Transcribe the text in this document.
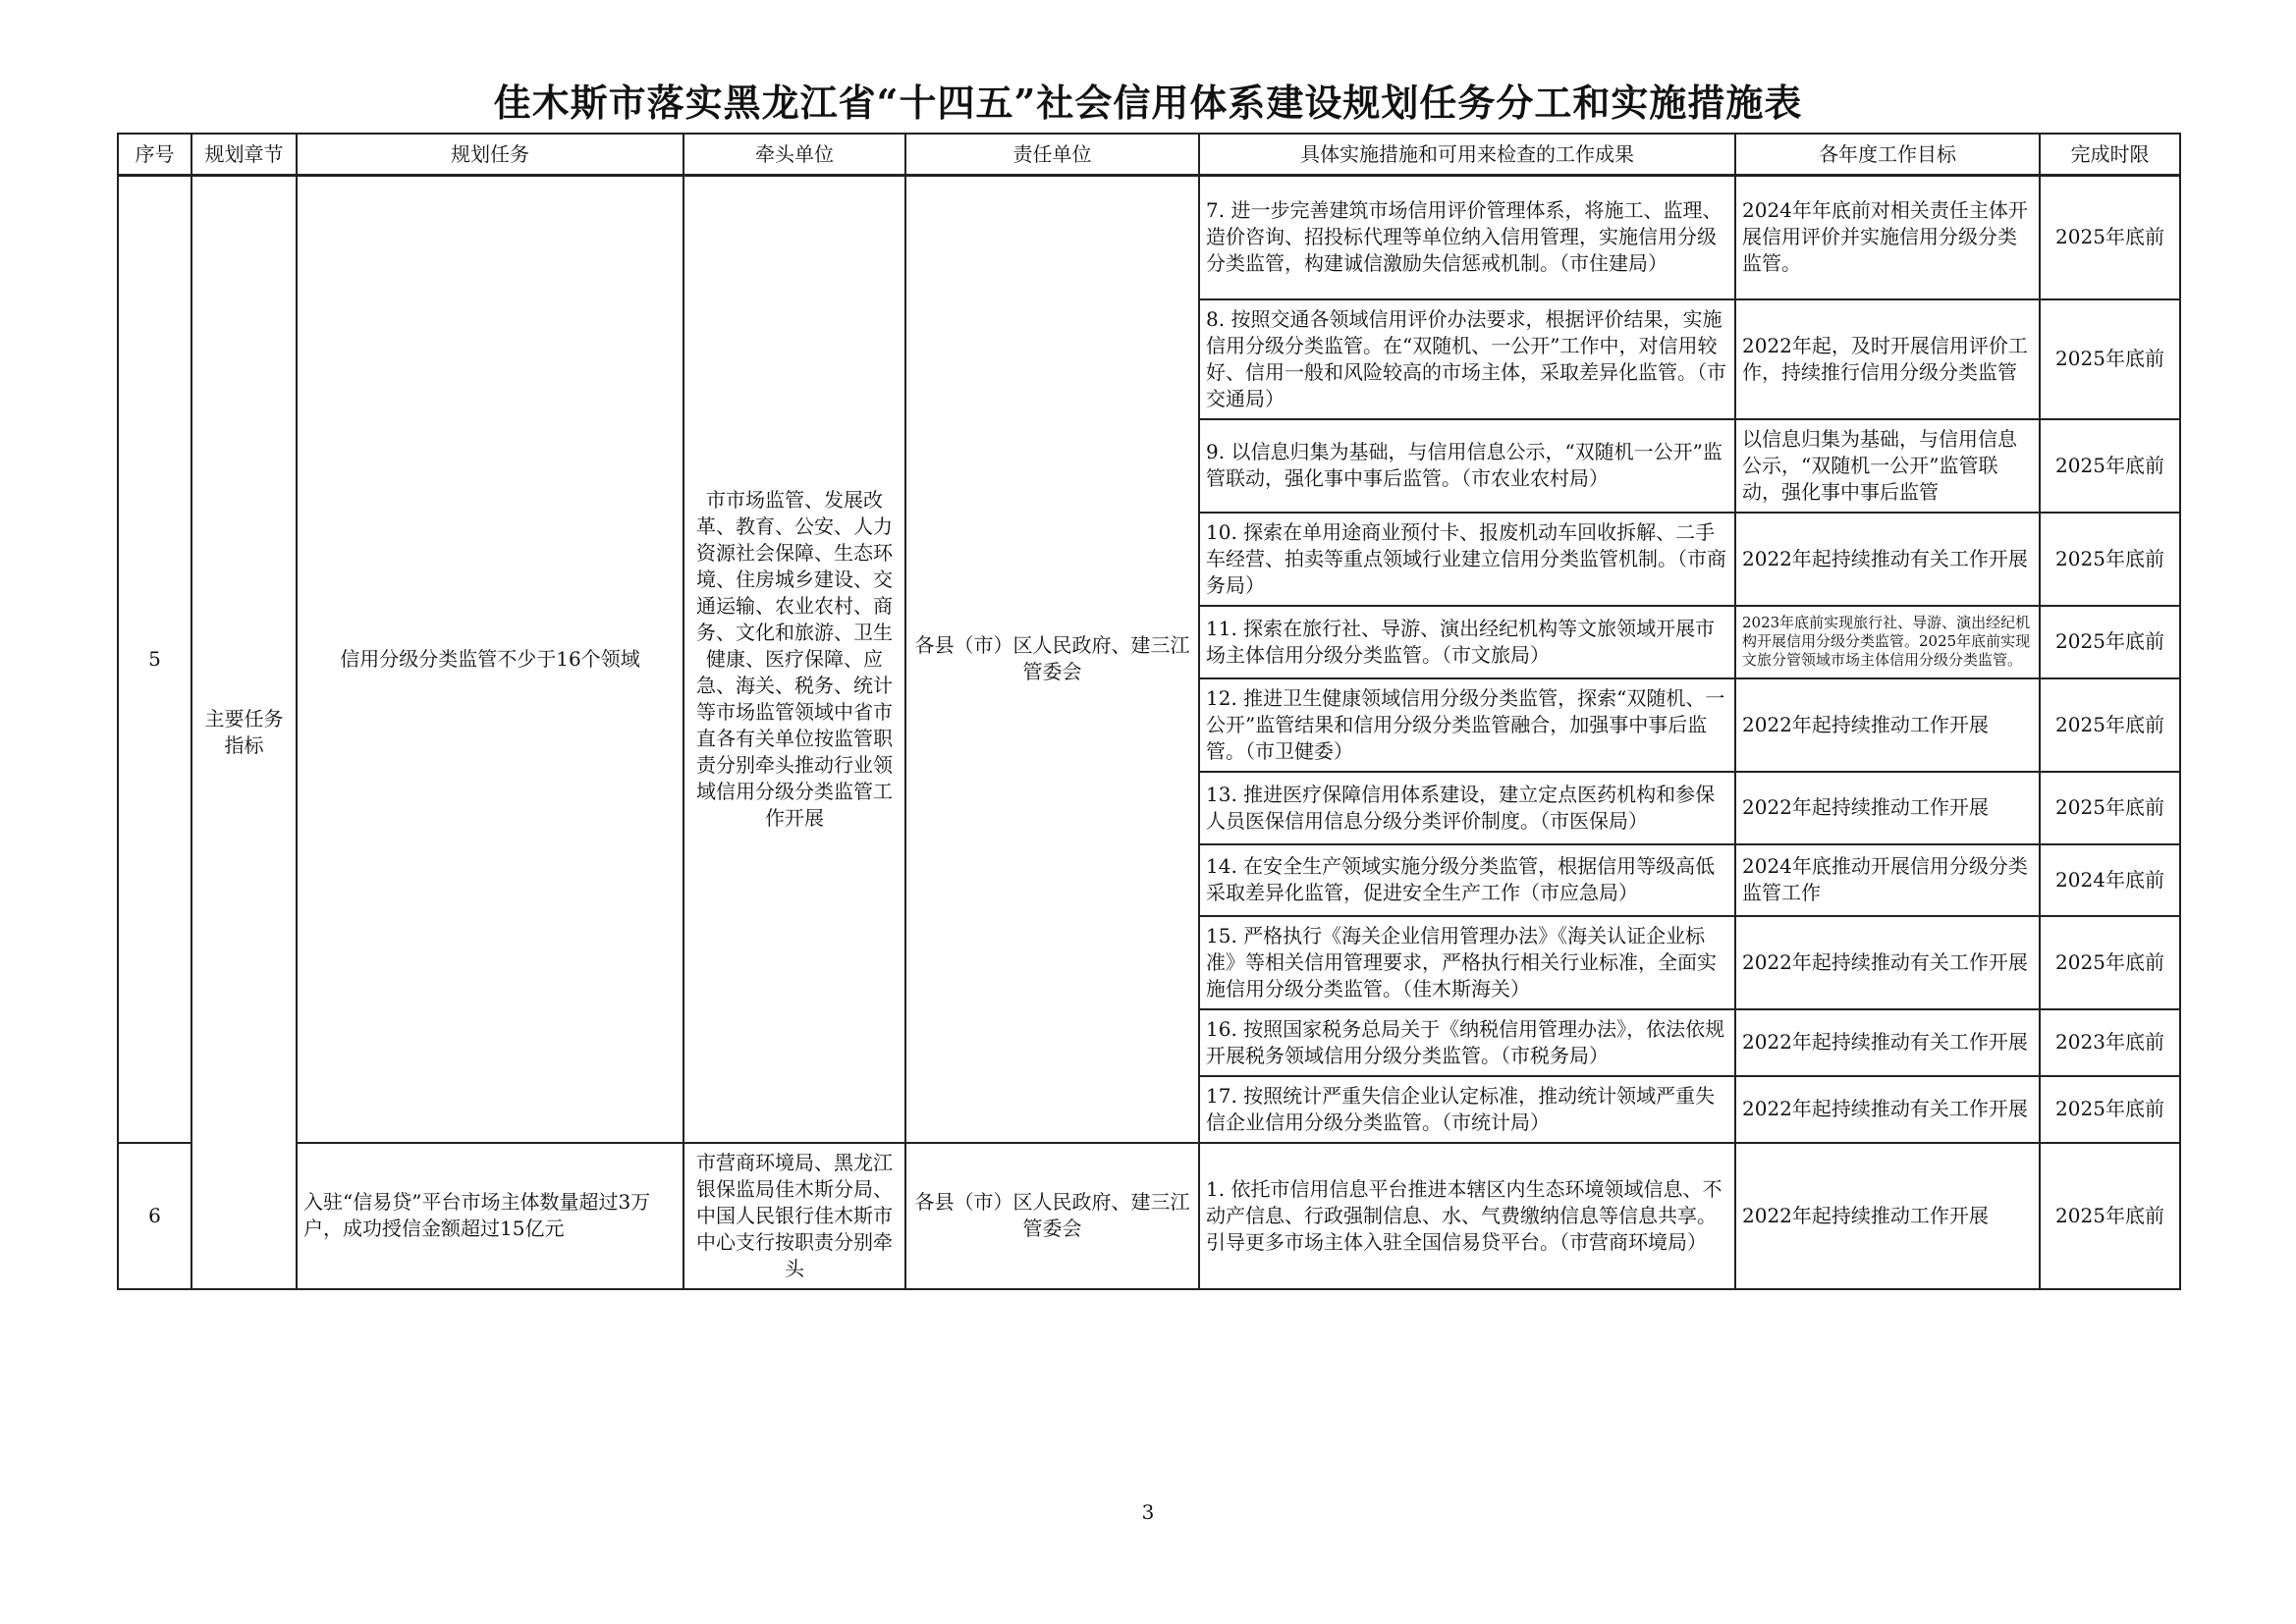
佳木斯市落实黑龙江省“十四五”社会信用体系建设规划任务分工和实施措施表
序号	规划章节	规划任务	牵头单位	责任单位	具体实施措施和可用来检查的工作成果	各年度工作目标	完成时限
5	主要任务指标	信用分级分类监管不少于16个领域	市市场监管、发展改革、教育、公安、人力资源社会保障、生态环境、住房城乡建设、交通运输、农业农村、商务、文化和旅游、卫生健康、医疗保障、应急、海关、税务、统计等市场监管领域中省市直各有关单位按监管职责分别牵头推动行业领域信用分级分类监管工作开展	各县（市）区人民政府、建三江管委会	7. 进一步完善建筑市场信用评价管理体系，将施工、监理、造价咨询、招投标代理等单位纳入信用管理，实施信用分级分类监管，构建诚信激励失信惩戒机制。（市住建局）	2024年年底前对相关责任主体开展信用评价并实施信用分级分类监管。	2025年底前
					8. 按照交通各领域信用评价办法要求，根据评价结果，实施信用分级分类监管。在“双随机、一公开”工作中，对信用较好、信用一般和风险较高的市场主体，采取差异化监管。（市交通局）	2022年起，及时开展信用评价工作，持续推行信用分级分类监管	2025年底前
					9. 以信息归集为基础，与信用信息公示，“双随机一公开”监管联动，强化事中事后监管。（市农业农村局）	以信息归集为基础，与信用信息公示，“双随机一公开”监管联动，强化事中事后监管	2025年底前
					10. 探索在单用途商业预付卡、报废机动车回收拆解、二手车经营、拍卖等重点领域行业建立信用分类监管机制。（市商务局）	2022年起持续推动有关工作开展	2025年底前
					11. 探索在旅行社、导游、演出经纪机构等文旅领域开展市场主体信用分级分类监管。（市文旅局）	2023年底前实现旅行社、导游、演出经纪机构开展信用分级分类监管。2025年底前实现文旅分管领域市场主体信用分级分类监管。	2025年底前
					12. 推进卫生健康领域信用分级分类监管，探索“双随机、一公开”监管结果和信用分级分类监管融合，加强事中事后监管。（市卫健委）	2022年起持续推动工作开展	2025年底前
					13. 推进医疗保障信用体系建设，建立定点医药机构和参保人员医保信用信息分级分类评价制度。（市医保局）	2022年起持续推动工作开展	2025年底前
					14. 在安全生产领域实施分级分类监管，根据信用等级高低采取差异化监管，促进安全生产工作（市应急局）	2024年底推动开展信用分级分类监管工作	2024年底前
					15. 严格执行《海关企业信用管理办法》《海关认证企业标准》等相关信用管理要求，严格执行相关行业标准，全面实施信用分级分类监管。（佳木斯海关）	2022年起持续推动有关工作开展	2025年底前
					16. 按照国家税务总局关于《纳税信用管理办法》，依法依规开展税务领域信用分级分类监管。（市税务局）	2022年起持续推动有关工作开展	2023年底前
					17. 按照统计严重失信企业认定标准，推动统计领域严重失信企业信用分级分类监管。（市统计局）	2022年起持续推动有关工作开展	2025年底前
6		入驻“信易贷”平台市场主体数量超过3万户，成功授信金额超过15亿元	市营商环境局、黑龙江银保监局佳木斯分局、中国人民银行佳木斯市中心支行按职责分别牵头	各县（市）区人民政府、建三江管委会	1. 依托市信用信息平台推进本辖区内生态环境领域信息、不动产信息、行政强制信息、水、气费缴纳信息等信息共享。引导更多市场主体入驻全国信易贷平台。（市营商环境局）	2022年起持续推动工作开展	2025年底前
3
